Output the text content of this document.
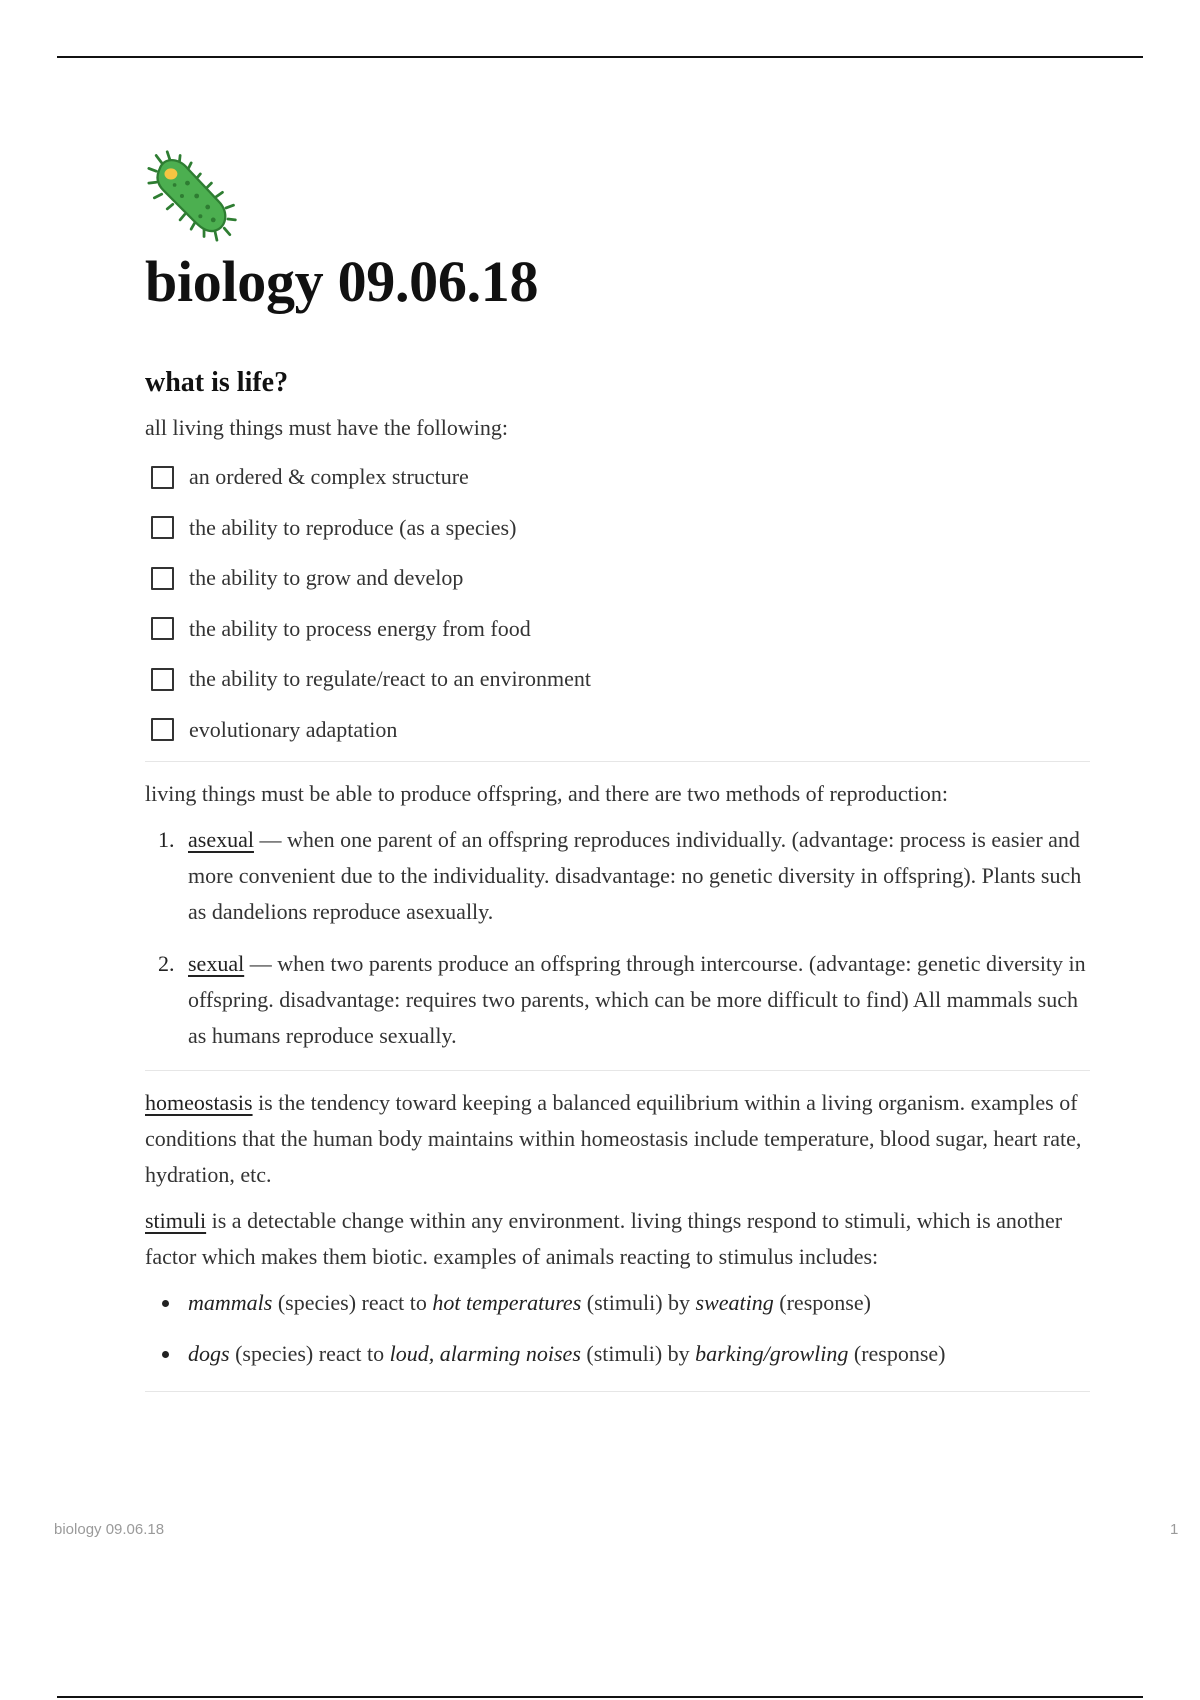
biology 09.06.18
what is life?

all living things must have the following:

an ordered & complex structure
the ability to reproduce (as a species)
the ability to grow and develop
the ability to process energy from food
the ability to regulate/react to an environment
evolutionary adaptation

living things must be able to produce offspring, and there are two methods of reproduction:

1. asexual — when one parent of an offspring reproduces individually. (advantage: process is easier and more convenient due to the individuality. disadvantage: no genetic diversity in offspring). Plants such as dandelions reproduce asexually.
2. sexual — when two parents produce an offspring through intercourse. (advantage: genetic diversity in offspring. disadvantage: requires two parents, which can be more difficult to find) All mammals such as humans reproduce sexually.

homeostasis is the tendency toward keeping a balanced equilibrium within a living organism. examples of conditions that the human body maintains within homeostasis include temperature, blood sugar, heart rate, hydration, etc.

stimuli is a detectable change within any environment. living things respond to stimuli, which is another factor which makes them biotic. examples of animals reacting to stimulus includes:

mammals (species) react to hot temperatures (stimuli) by sweating (response)
dogs (species) react to loud, alarming noises (stimuli) by barking/growling (response)
biology 09.06.18	1
